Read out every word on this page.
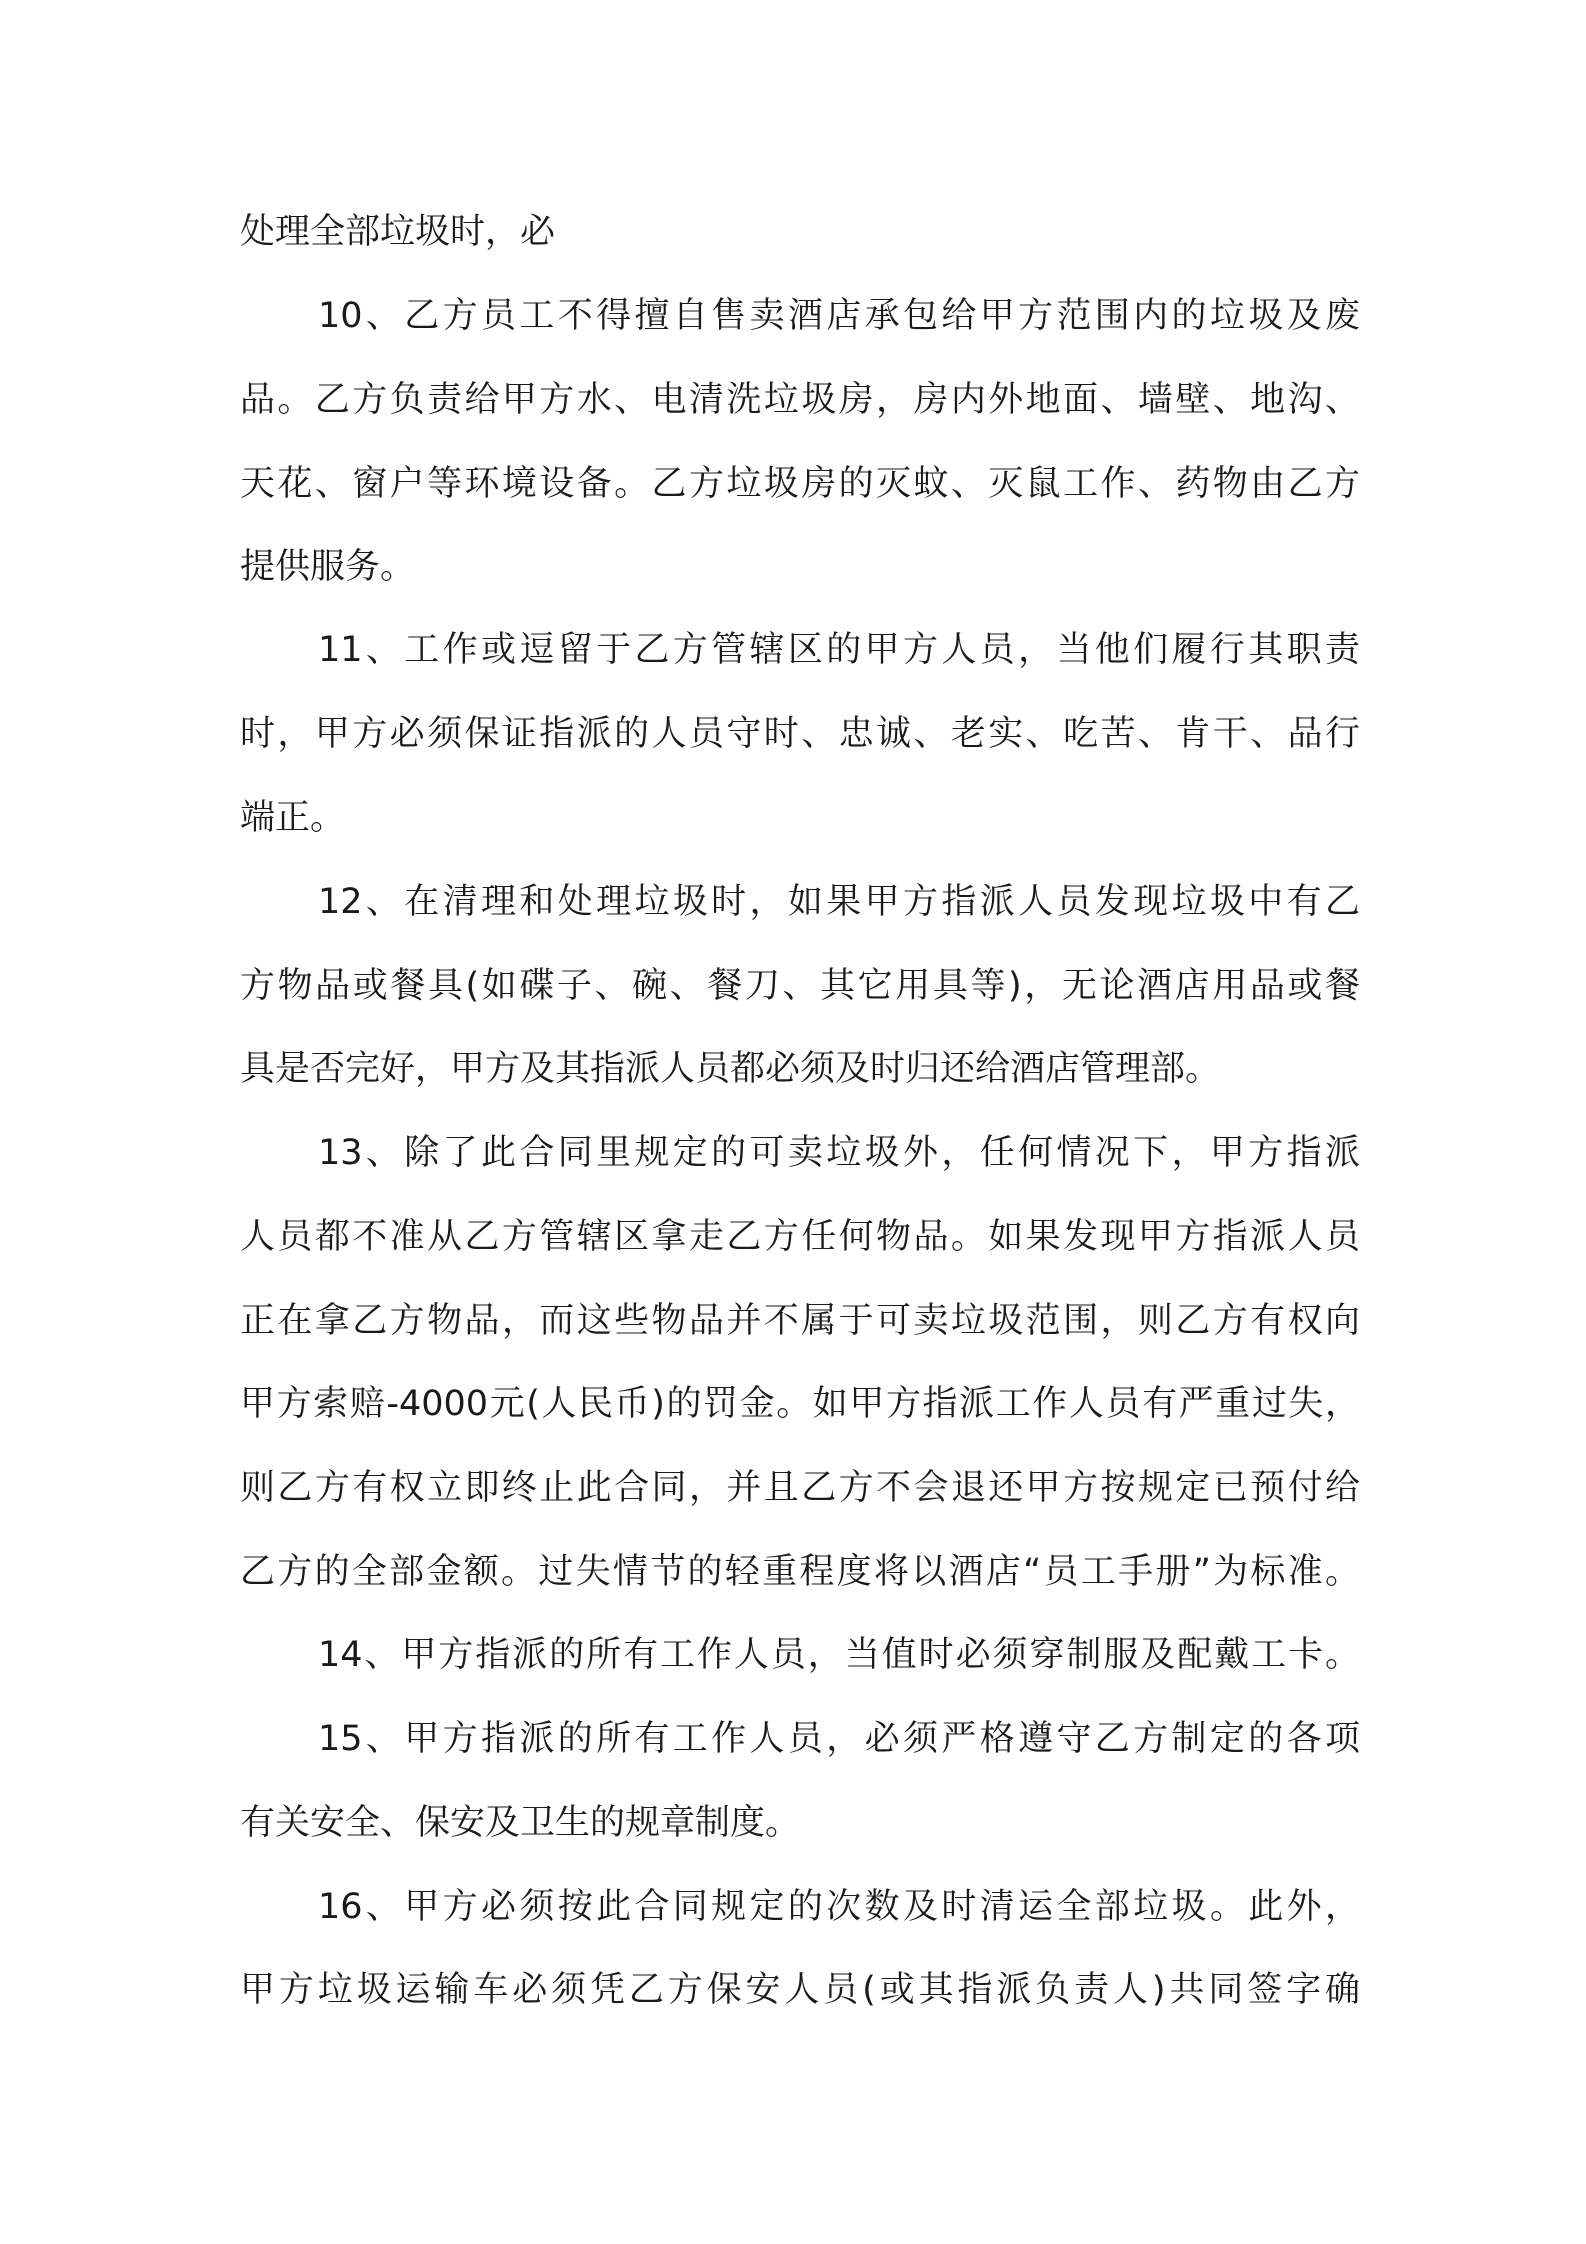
处理全部垃圾时，必
10、乙方员工不得擅自售卖酒店承包给甲方范围内的垃圾及废
品。乙方负责给甲方水、电清洗垃圾房，房内外地面、墙壁、地沟、
天花、窗户等环境设备。乙方垃圾房的灭蚊、灭鼠工作、药物由乙方
提供服务。
11、工作或逗留于乙方管辖区的甲方人员，当他们履行其职责
时，甲方必须保证指派的人员守时、忠诚、老实、吃苦、肯干、品行
端正。
12、在清理和处理垃圾时，如果甲方指派人员发现垃圾中有乙
方物品或餐具(如碟子、碗、餐刀、其它用具等)，无论酒店用品或餐
具是否完好，甲方及其指派人员都必须及时归还给酒店管理部。
13、除了此合同里规定的可卖垃圾外，任何情况下，甲方指派
人员都不准从乙方管辖区拿走乙方任何物品。如果发现甲方指派人员
正在拿乙方物品，而这些物品并不属于可卖垃圾范围，则乙方有权向
甲方索赔-4000元(人民币)的罚金。如甲方指派工作人员有严重过失，
则乙方有权立即终止此合同，并且乙方不会退还甲方按规定已预付给
乙方的全部金额。过失情节的轻重程度将以酒店“员工手册”为标准。
14、甲方指派的所有工作人员，当值时必须穿制服及配戴工卡。
15、甲方指派的所有工作人员，必须严格遵守乙方制定的各项
有关安全、保安及卫生的规章制度。
16、甲方必须按此合同规定的次数及时清运全部垃圾。此外，
甲方垃圾运输车必须凭乙方保安人员(或其指派负责人)共同签字确
